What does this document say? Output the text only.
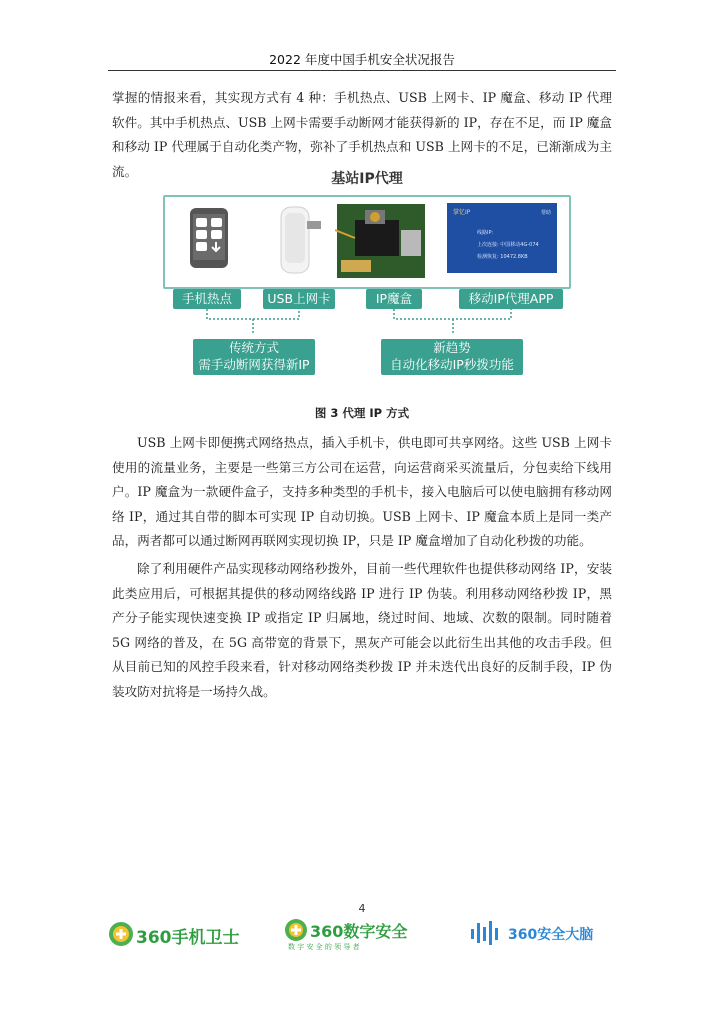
2022 年度中国手机安全状况报告

掌握的情报来看，其实现方式有 4 种：手机热点、USB 上网卡、IP 魔盒、移动 IP 代理软件。其中手机热点、USB 上网卡需要手动断网才能获得新的 IP，存在不足，而 IP 魔盒和移动 IP 代理属于自动化类产物，弥补了手机热点和 USB 上网卡的不足，已渐渐成为主流。	基站IP代理
掌忆IP	帮助
线路IP:
上次连接: 中国移动4G-074
检测恢复: 10472.8KB
手机热点	USB上网卡	IP魔盒	移动IP代理APP
传统方式
需手动断网获得新IP
新趋势
自动化移动IP秒拨功能
图 3 代理 IP 方式

USB 上网卡即便携式网络热点，插入手机卡，供电即可共享网络。这些 USB 上网卡使用的流量业务，主要是一些第三方公司在运营，向运营商采买流量后，分包卖给下线用户。IP 魔盒为一款硬件盒子，支持多种类型的手机卡，接入电脑后可以使电脑拥有移动网络 IP，通过其自带的脚本可实现 IP 自动切换。USB 上网卡、IP 魔盒本质上是同一类产品，两者都可以通过断网再联网实现切换 IP，只是 IP 魔盒增加了自动化秒拨的功能。

除了利用硬件产品实现移动网络秒拨外，目前一些代理软件也提供移动网络 IP，安装此类应用后，可根据其提供的移动网络线路 IP 进行 IP 伪装。利用移动网络秒拨 IP，黑产分子能实现快速变换 IP 或指定 IP 归属地，绕过时间、地域、次数的限制。同时随着 5G 网络的普及，在 5G 高带宽的背景下，黑灰产可能会以此衍生出其他的攻击手段。但从目前已知的风控手段来看，针对移动网络类秒拨 IP 并未迭代出良好的反制手段，IP 伪装攻防对抗将是一场持久战。

4
360手机卫士	360数字安全
数 字 安 全 的 领 导 者
360安全大脑
